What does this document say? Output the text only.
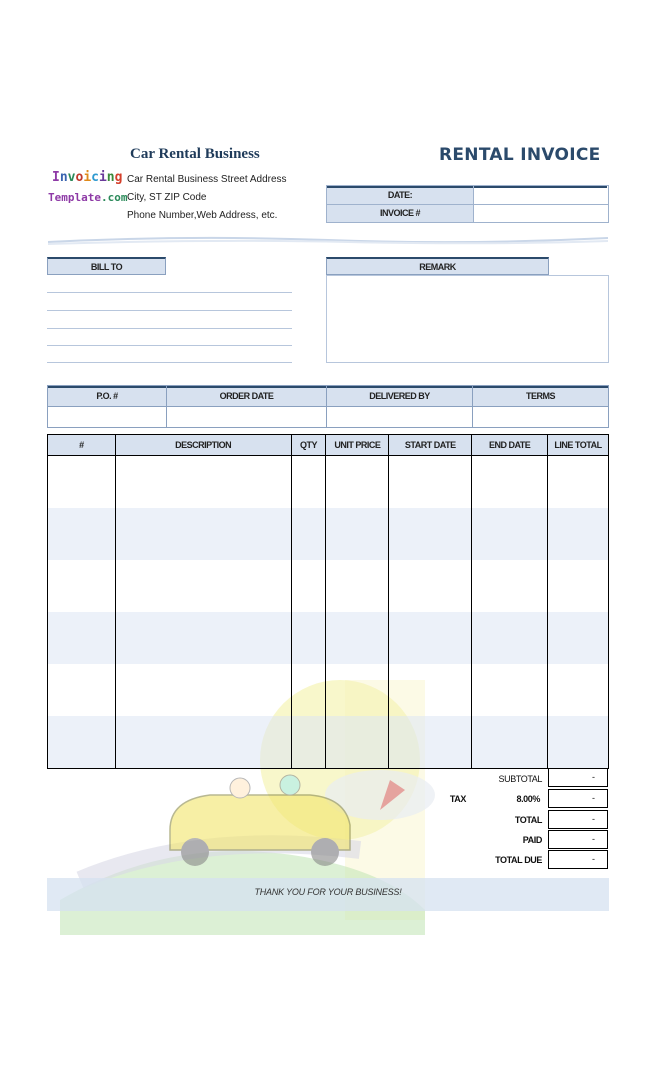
Car Rental Business	RENTAL INVOICE
Invoicing
Template.com
Car Rental Business Street Address
City, ST ZIP Code
Phone Number,Web Address, etc.
DATE:
INVOICE #
BILL TO	REMARK
P.O. #	ORDER DATE	DELIVERED BY	TERMS
#	DESCRIPTION	QTY	UNIT PRICE	START DATE	END DATE	LINE TOTAL

SUBTOTAL	-
TAX	8.00%	-
TOTAL	-
PAID	-
TOTAL DUE	-
THANK YOU FOR YOUR BUSINESS!
